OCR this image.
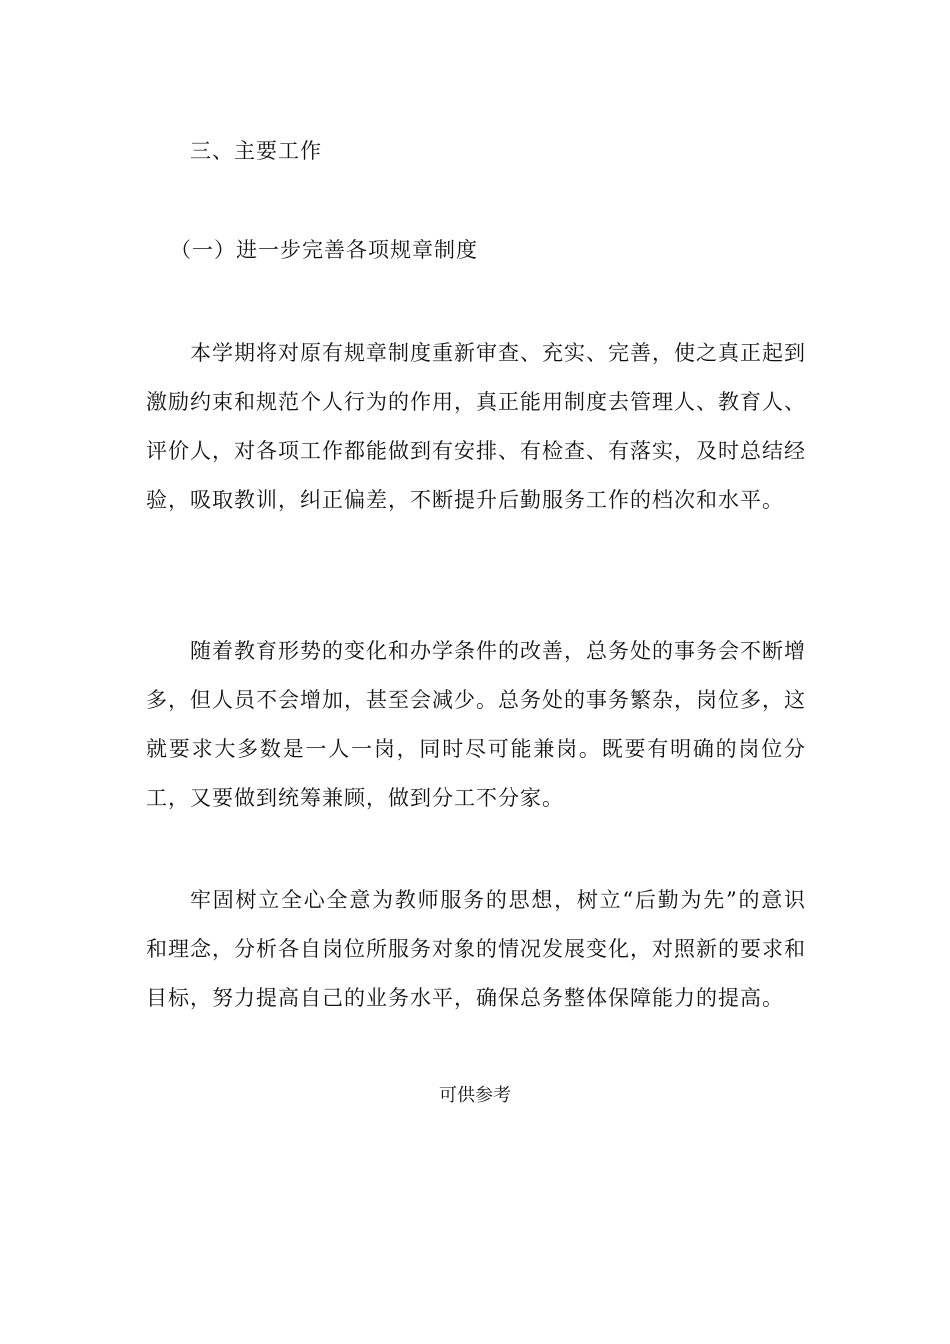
三、主要工作

（一）进一步完善各项规章制度

本学期将对原有规章制度重新审查、充实、完善，使之真正起到激励约束和规范个人行为的作用，真正能用制度去管理人、教育人、评价人，对各项工作都能做到有安排、有检查、有落实，及时总结经验，吸取教训，纠正偏差，不断提升后勤服务工作的档次和水平。

随着教育形势的变化和办学条件的改善，总务处的事务会不断增多，但人员不会增加，甚至会减少。总务处的事务繁杂，岗位多，这就要求大多数是一人一岗，同时尽可能兼岗。既要有明确的岗位分工，又要做到统筹兼顾，做到分工不分家。

牢固树立全心全意为教师服务的思想，树立“后勤为先”的意识和理念，分析各自岗位所服务对象的情况发展变化，对照新的要求和目标，努力提高自己的业务水平，确保总务整体保障能力的提高。

可供参考
